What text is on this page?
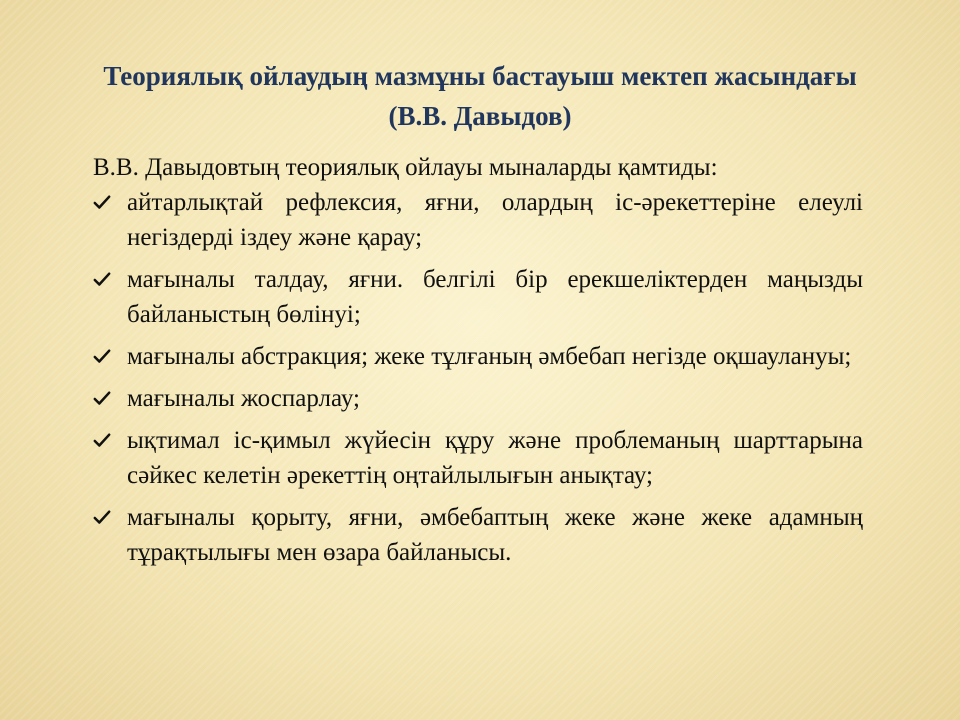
Теориялық ойлаудың мазмұны бастауыш мектеп жасындағы (В.В. Давыдов)

В.В. Давыдовтың теориялық ойлауы мыналарды қамтиды:

айтарлықтай рефлексия, яғни, олардың іс-әрекеттеріне елеулі негіздерді іздеу және қарау;
мағыналы талдау, яғни. белгілі бір ерекшеліктерден маңызды байланыстың бөлінуі;
мағыналы абстракция; жеке тұлғаның әмбебап негізде оқшаулануы;
мағыналы жоспарлау;
ықтимал іс-қимыл жүйесін құру және проблеманың шарттарына сәйкес келетін әрекеттің оңтайлылығын анықтау;
мағыналы қорыту, яғни, әмбебаптың жеке және жеке адамның тұрақтылығы мен өзара байланысы.
